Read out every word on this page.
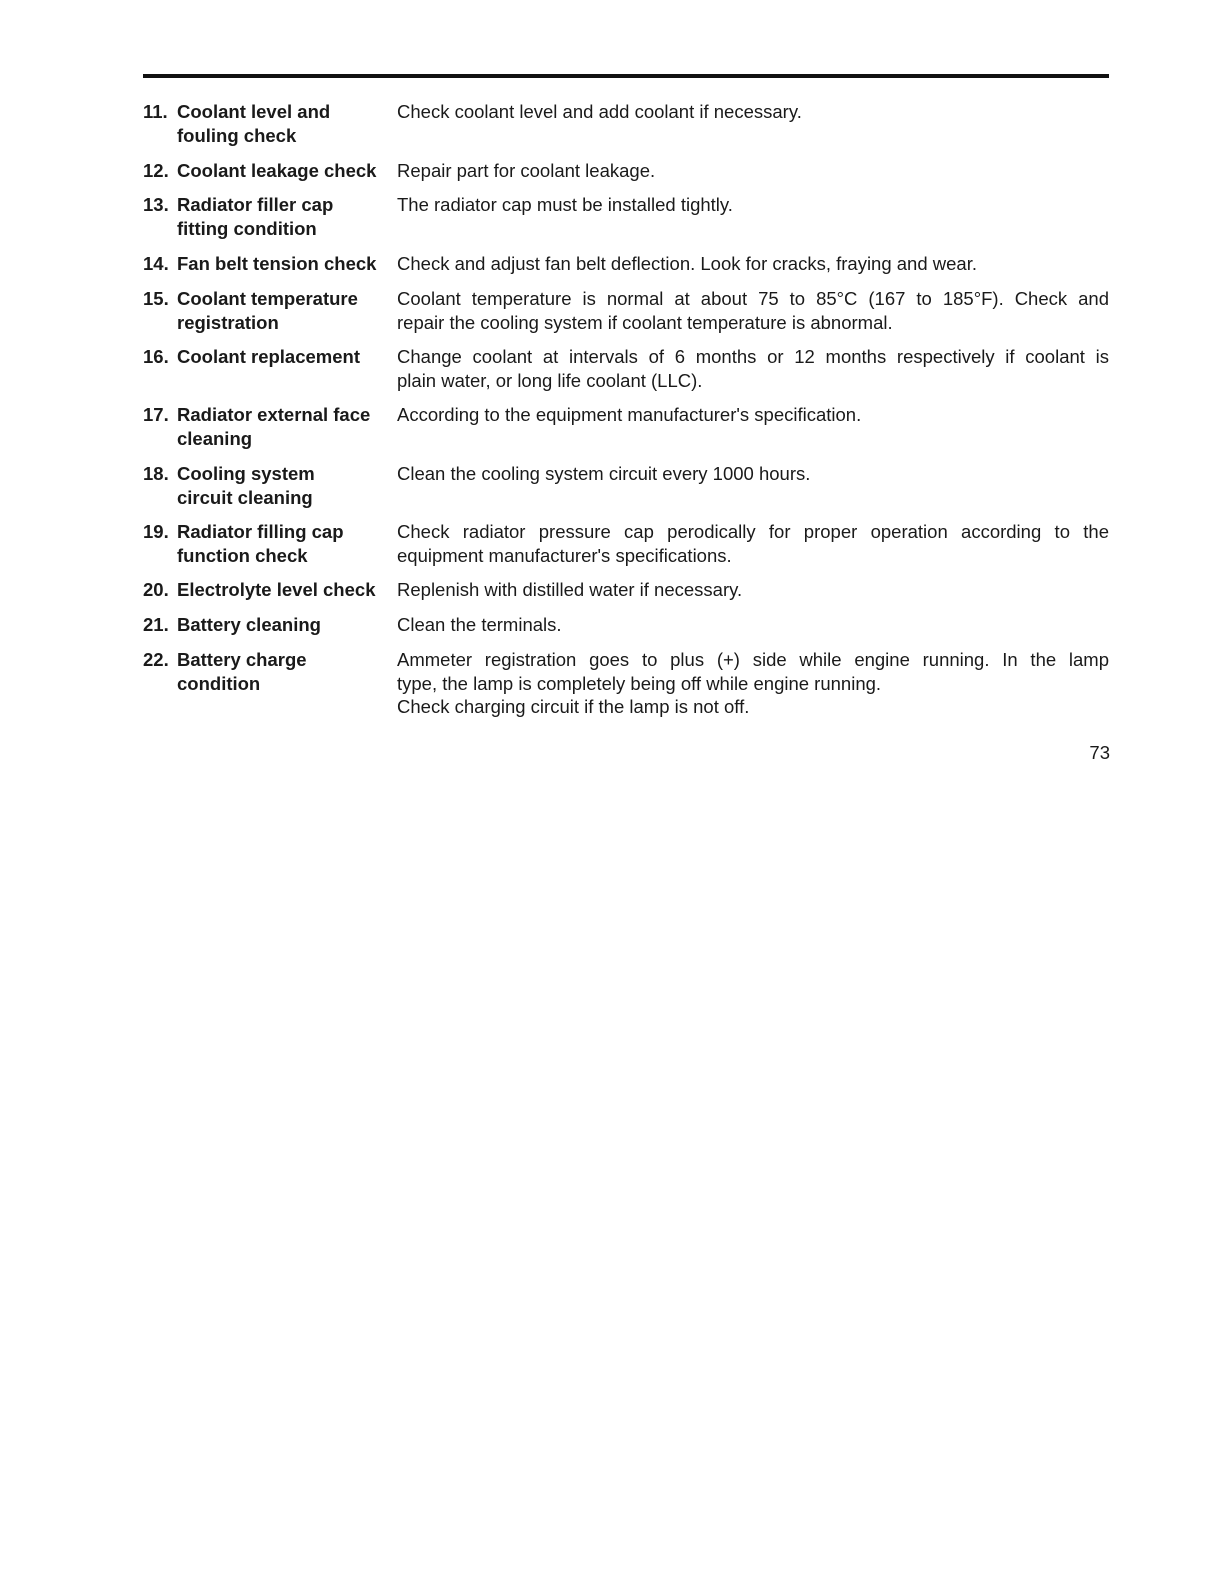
11. Coolant level and
fouling check
Check coolant level and add coolant if necessary.
12. Coolant leakage check Repair part for coolant leakage.
13. Radiator filler cap
fitting condition
The radiator cap must be installed tightly.
14. Fan belt tension check Check and adjust fan belt deflection. Look for cracks, fraying and wear.
15. Coolant temperature
registration
Coolant temperature is normal at about 75 to 85°C (167 to 185°F). Check and
repair the cooling system if coolant temperature is abnormal.
16. Coolant replacement Change coolant at intervals of 6 months or 12 months respectively if coolant is
plain water, or long life coolant (LLC).
17. Radiator external face
cleaning
According to the equipment manufacturer's specification.
18. Cooling system
circuit cleaning
Clean the cooling system circuit every 1000 hours.
19. Radiator filling cap
function check
Check radiator pressure cap perodically for proper operation according to the
equipment manufacturer's specifications.
20. Electrolyte level check Replenish with distilled water if necessary.
21. Battery cleaning	Clean the terminals.
22. Battery charge
condition
Ammeter registration goes to plus (+) side while engine running. In the lamp
type, the lamp is completely being off while engine running.
Check charging circuit if the lamp is not off.
73
